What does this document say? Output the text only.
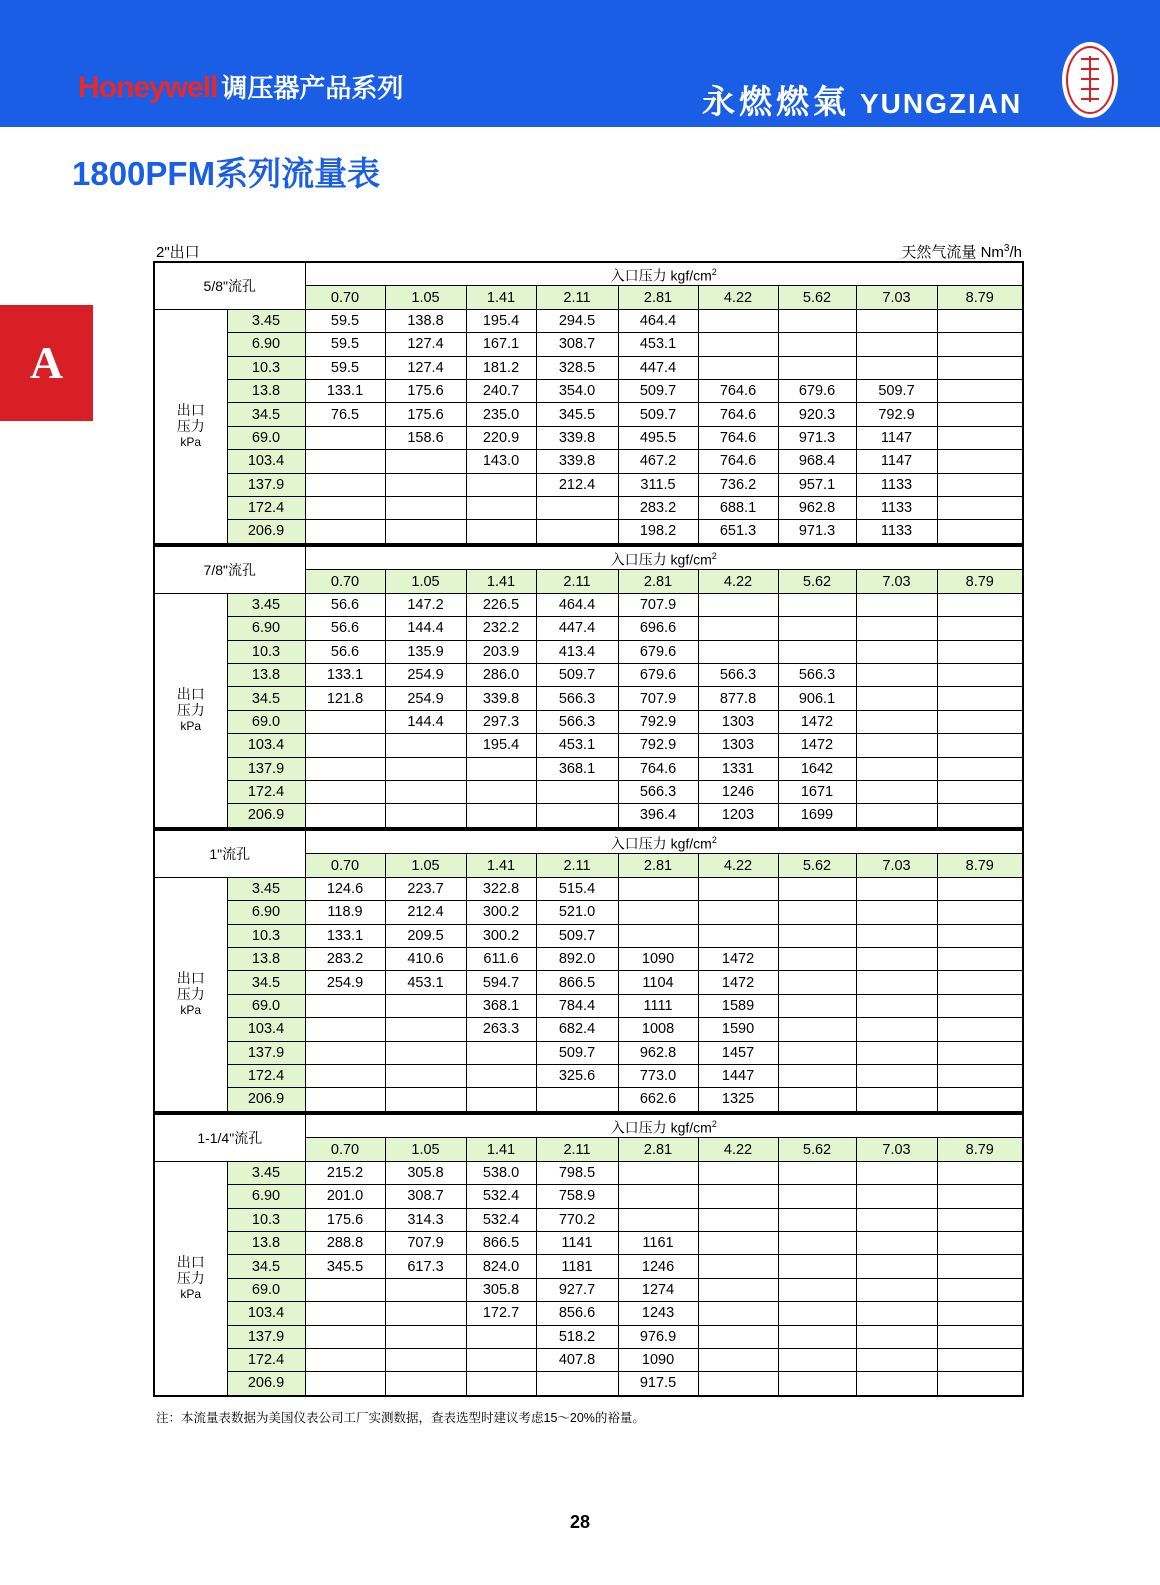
Honeywell 调压器产品系列	永燃燃氣 YUNGZIAN
1800PFM系列流量表
A
2"出口	天然气流量 Nm$^3$/h
5/8"流孔		入口压力 kgf/$cm^2$
		0.70	1.05	1.41	2.11	2.81	4.22	5.62	7.03	8.79

出口
压力
kPa	3.45	59.5	138.8	195.4	294.5	464.4				
	6.90	59.5	127.4	167.1	308.7	453.1				
	10.3	59.5	127.4	181.2	328.5	447.4				
	13.8	133.1	175.6	240.7	354.0	509.7	764.6	679.6	509.7	
	34.5	76.5	175.6	235.0	345.5	509.7	764.6	920.3	792.9	
	69.0		158.6	220.9	339.8	495.5	764.6	971.3	1147	
	103.4			143.0	339.8	467.2	764.6	968.4	1147	
	137.9				212.4	311.5	736.2	957.1	1133	
	172.4					283.2	688.1	962.8	1133	
	206.9					198.2	651.3	971.3	1133	
7/8"流孔		入口压力 kgf/$cm^2$
		0.70	1.05	1.41	2.11	2.81	4.22	5.62	7.03	8.79

出口
压力
kPa	3.45	56.6	147.2	226.5	464.4	707.9				
	6.90	56.6	144.4	232.2	447.4	696.6				
	10.3	56.6	135.9	203.9	413.4	679.6				
	13.8	133.1	254.9	286.0	509.7	679.6	566.3	566.3		
	34.5	121.8	254.9	339.8	566.3	707.9	877.8	906.1		
	69.0		144.4	297.3	566.3	792.9	1303	1472		
	103.4			195.4	453.1	792.9	1303	1472		
	137.9				368.1	764.6	1331	1642		
	172.4					566.3	1246	1671		
	206.9					396.4	1203	1699		
1"流孔		入口压力 kgf/$cm^2$
		0.70	1.05	1.41	2.11	2.81	4.22	5.62	7.03	8.79

出口
压力
kPa	3.45	124.6	223.7	322.8	515.4					
	6.90	118.9	212.4	300.2	521.0					
	10.3	133.1	209.5	300.2	509.7					
	13.8	283.2	410.6	611.6	892.0	1090	1472			
	34.5	254.9	453.1	594.7	866.5	1104	1472			
	69.0			368.1	784.4	1111	1589			
	103.4			263.3	682.4	1008	1590			
	137.9				509.7	962.8	1457			
	172.4				325.6	773.0	1447			
	206.9					662.6	1325			
1-1/4"流孔		入口压力 kgf/$cm^2$
		0.70	1.05	1.41	2.11	2.81	4.22	5.62	7.03	8.79

出口
压力
kPa	3.45	215.2	305.8	538.0	798.5					
	6.90	201.0	308.7	532.4	758.9					
	10.3	175.6	314.3	532.4	770.2					
	13.8	288.8	707.9	866.5	1141	1161				
	34.5	345.5	617.3	824.0	1181	1246				
	69.0			305.8	927.7	1274				
	103.4			172.7	856.6	1243				
	137.9				518.2	976.9				
	172.4				407.8	1090				
	206.9					917.5				
注：本流量表数据为美国仪表公司工厂实测数据，查表选型时建议考虑15～20%的裕量。
28
